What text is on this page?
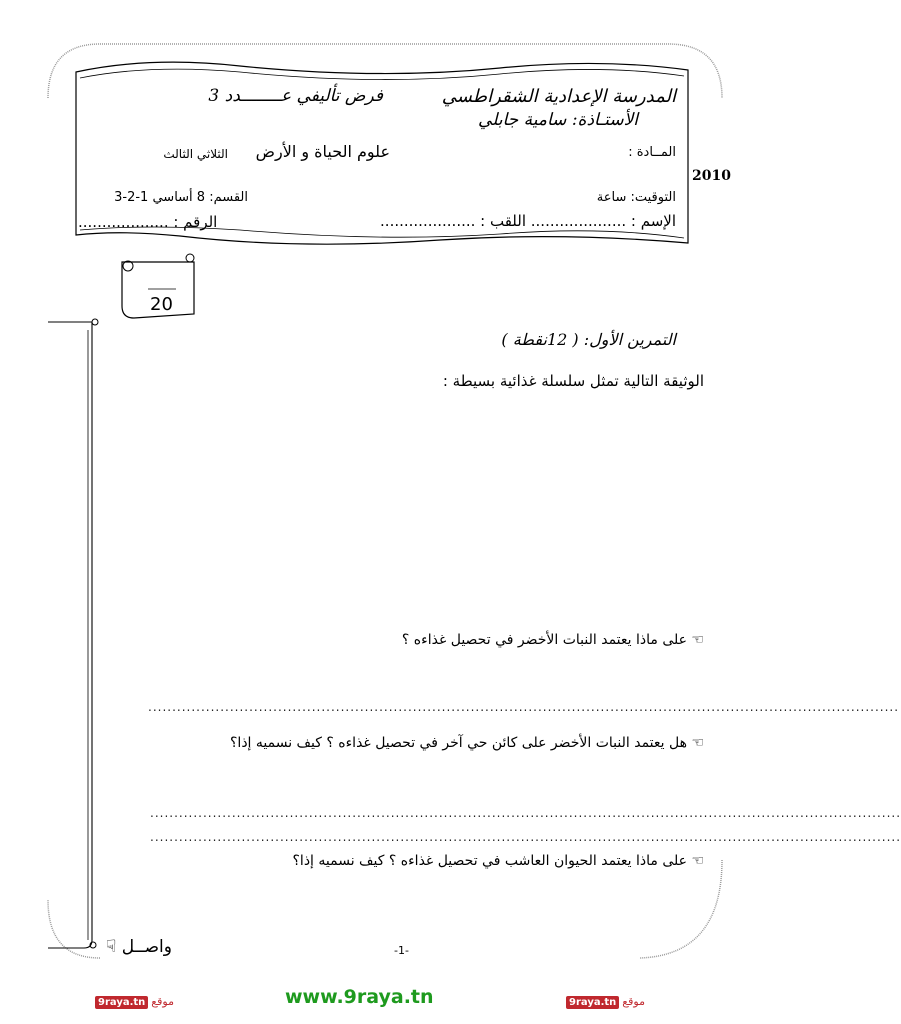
المدرسة الإعدادية الشقراطسي
الأستـاذة: سامية جابلي
فرض تأليفي عــــــــدد 3
المــادة :
علوم الحياة و الأرض
الثلاثي الثالث
التوقيت: ساعة
القسم: 8 أساسي 1-2-3
2010
الإسم : .................... اللقب : ....................
الرقم : ...................
20
التمرين الأول: ( 12نقطة )
الوثيقة التالية تمثل سلسلة غذائية بسيطة :
☜ على ماذا يعتمد النبات الأخضر في تحصيل غذاءه ؟
............................................................................................................................................................
☜ هل يعتمد النبات الأخضر على كائن حي آخر في تحصيل غذاءه ؟ كيف نسميه إذا؟
............................................................................................................................................................
............................................................................................................................................................
☜ على ماذا يعتمد الحيوان العاشب في تحصيل غذاءه ؟ كيف نسميه إذا؟
واصــل ☟	-1-
www.9raya.tn
9raya.tn موقع	9raya.tn موقع
